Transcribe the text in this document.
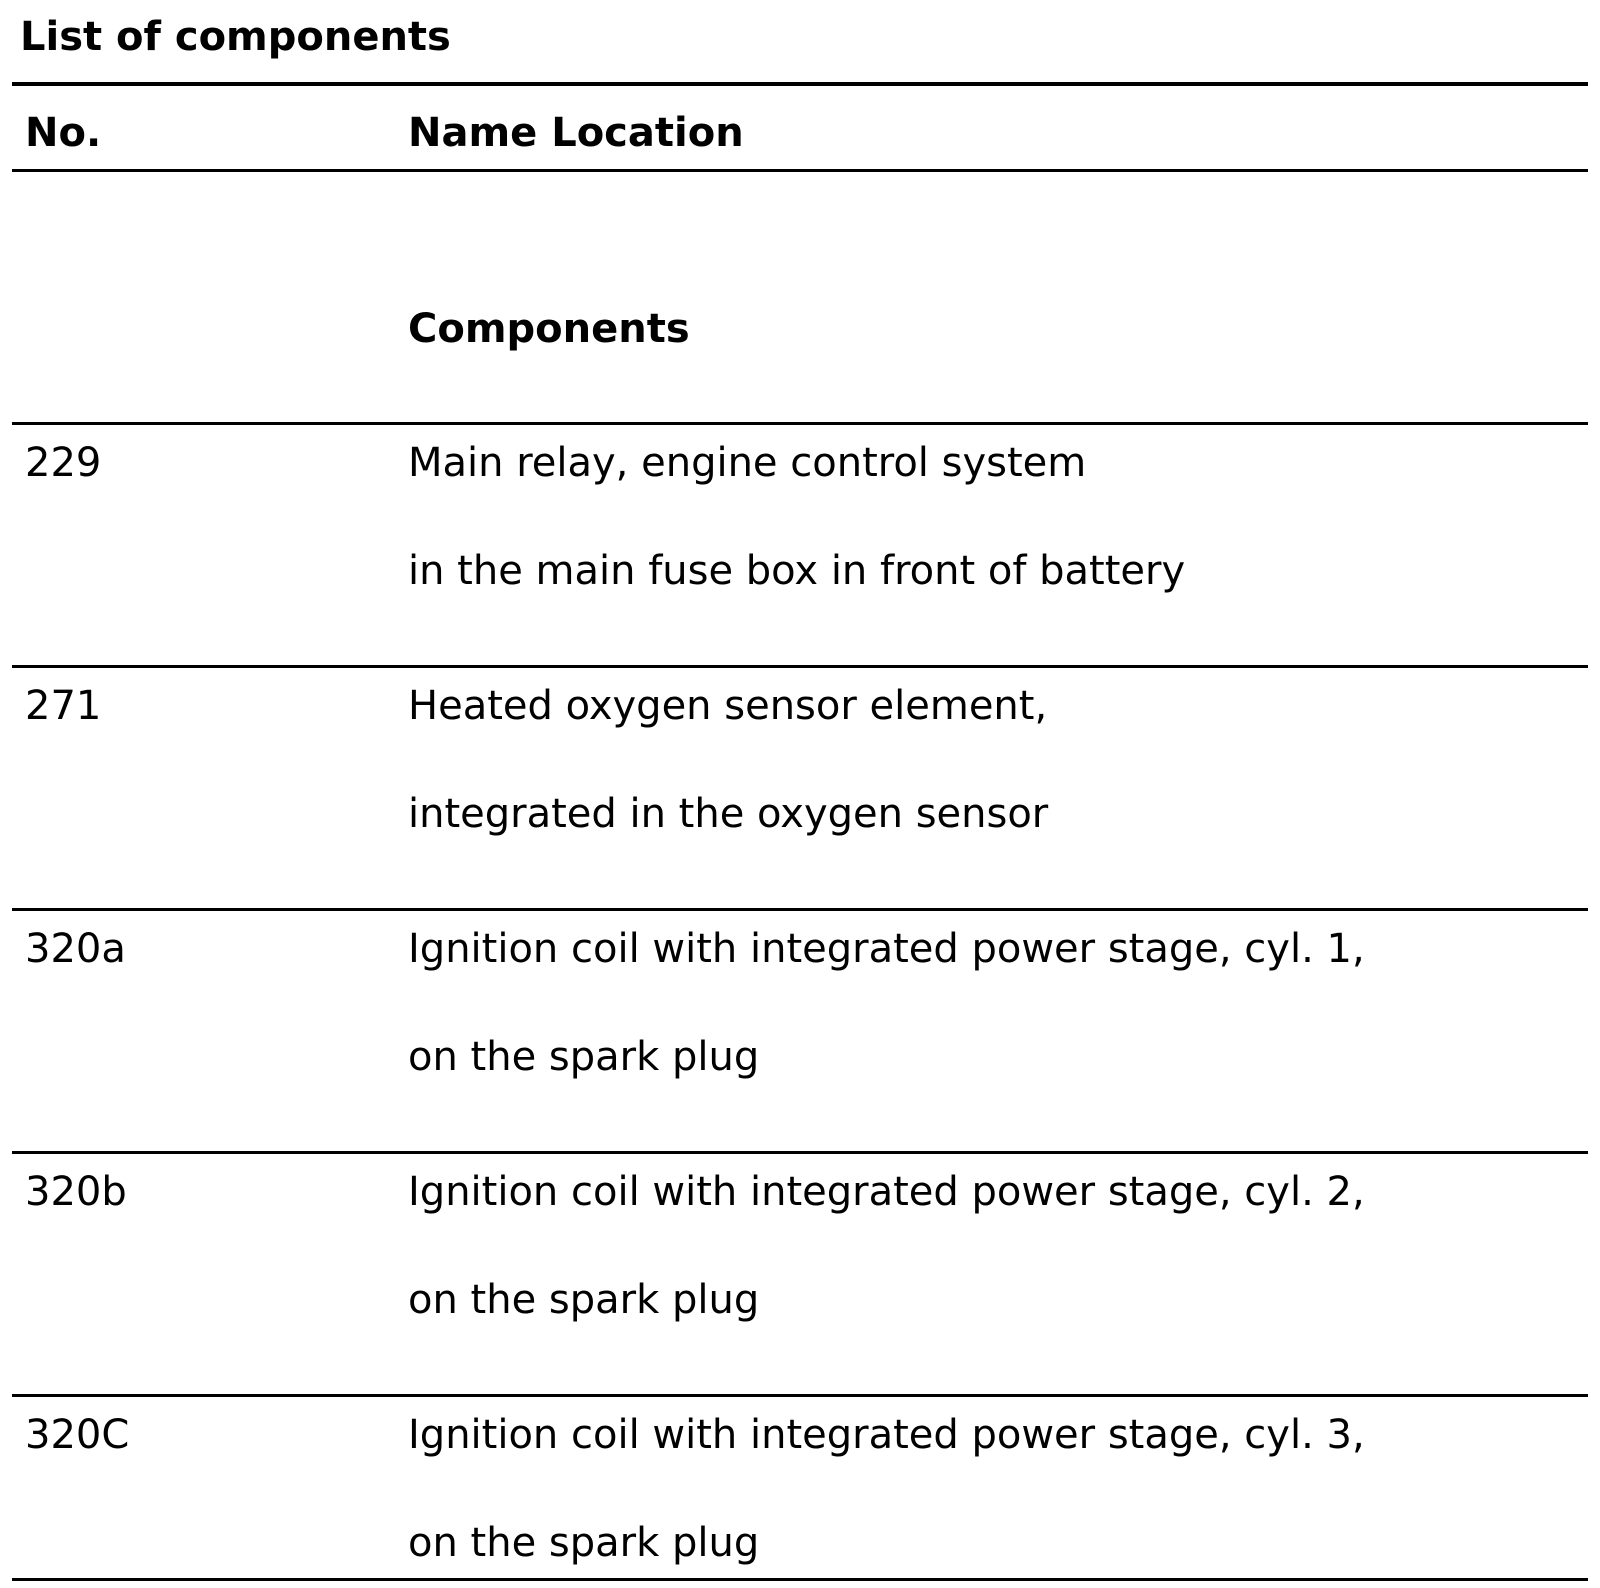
List of components
No.	Name Location
Components
229	Main relay, engine control system
in the main fuse box in front of battery
271	Heated oxygen sensor element,
integrated in the oxygen sensor
320a	Ignition coil with integrated power stage, cyl. 1,
on the spark plug
320b	Ignition coil with integrated power stage, cyl. 2,
on the spark plug
320C	Ignition coil with integrated power stage, cyl. 3,
on the spark plug
